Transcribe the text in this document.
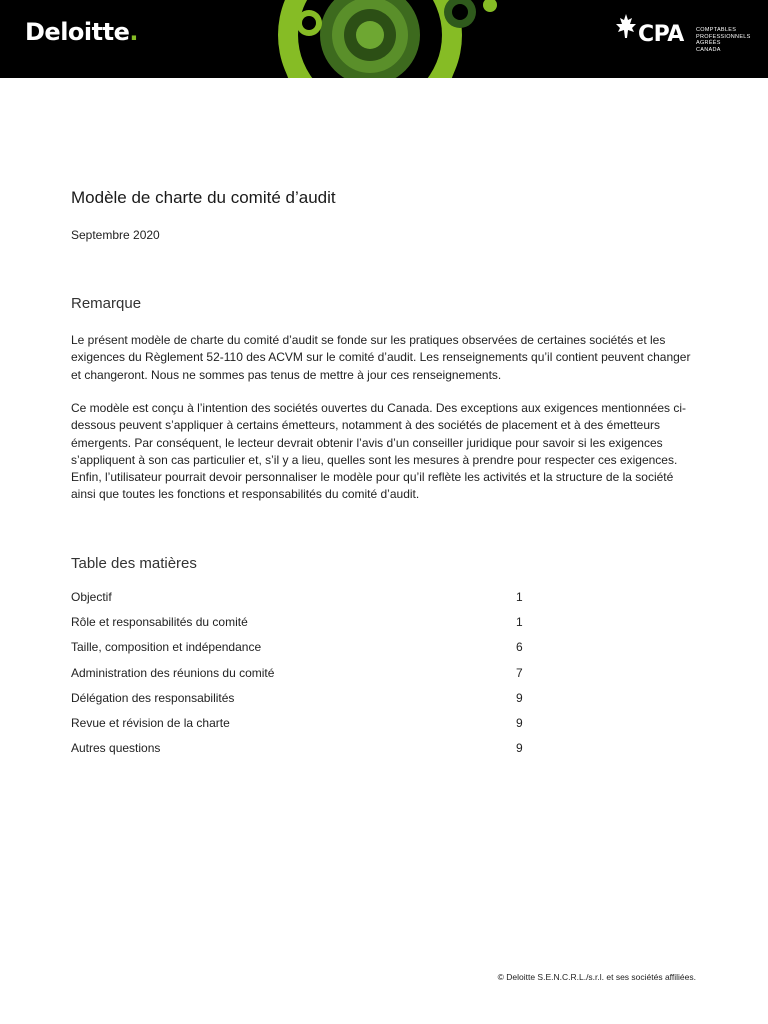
Deloitte.	CPA COMPTABLES
PROFESSIONNELS
AGRÉÉS
CANADA
Modèle de charte du comité d’audit
Septembre 2020
Remarque

Le présent modèle de charte du comité d’audit se fonde sur les pratiques observées de certaines sociétés et les exigences du Règlement 52-110 des ACVM sur le comité d’audit. Les renseignements qu’il contient peuvent changer et changeront. Nous ne sommes pas tenus de mettre à jour ces renseignements.

Ce modèle est conçu à l’intention des sociétés ouvertes du Canada. Des exceptions aux exigences mentionnées ci-dessous peuvent s’appliquer à certains émetteurs, notamment à des sociétés de placement et à des émetteurs émergents. Par conséquent, le lecteur devrait obtenir l’avis d’un conseiller juridique pour savoir si les exigences s’appliquent à son cas particulier et, s’il y a lieu, quelles sont les mesures à prendre pour respecter ces exigences. Enfin, l’utilisateur pourrait devoir personnaliser le modèle pour qu’il reflète les activités et la structure de la société ainsi que toutes les fonctions et responsabilités du comité d’audit.

Table des matières
Objectif	1
Rôle et responsabilités du comité	1
Taille, composition et indépendance	6
Administration des réunions du comité	7
Délégation des responsabilités	9
Revue et révision de la charte	9
Autres questions	9
© Deloitte S.E.N.C.R.L./s.r.l. et ses sociétés affiliées.
